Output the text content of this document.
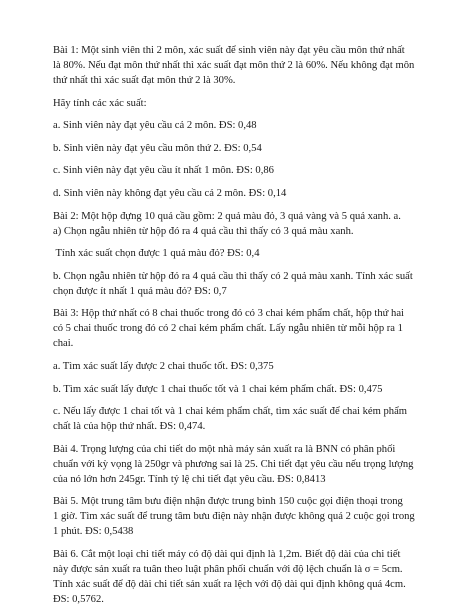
Bài 1: Một sinh viên thi 2 môn, xác suất để sinh viên này đạt yêu cầu môn thứ nhất
là 80%. Nếu đạt môn thứ nhất thì xác suất đạt môn thứ 2 là 60%. Nếu không đạt môn
thứ nhất thì xác suất đạt môn thứ 2 là 30%.

Hãy tính các xác suất:

a. Sinh viên này đạt yêu cầu cả 2 môn. ĐS: 0,48

b. Sinh viên này đạt yêu cầu môn thứ 2. ĐS: 0,54

c. Sinh viên này đạt yêu cầu ít nhất 1 môn. ĐS: 0,86

d. Sinh viên này không đạt yêu cầu cả 2 môn. ĐS: 0,14

Bài 2: Một hộp đựng 10 quả cầu gồm: 2 quả màu đỏ, 3 quả vàng và 5 quả xanh. a.
a) Chọn ngẫu nhiên từ hộp đó ra 4 quả cầu thì thấy có 3 quả màu xanh.

Tính xác suất chọn được 1 quả màu đỏ? ĐS: 0,4

b. Chọn ngẫu nhiên từ hộp đó ra 4 quả cầu thì thấy có 2 quả màu xanh. Tính xác suất
chọn được ít nhất 1 quả màu đỏ? ĐS: 0,7

Bài 3: Hộp thứ nhất có 8 chai thuốc trong đó có 3 chai kém phẩm chất, hộp thứ hai
có 5 chai thuốc trong đó có 2 chai kém phẩm chất. Lấy ngẫu nhiên từ mỗi hộp ra 1
chai.

a. Tìm xác suất lấy được 2 chai thuốc tốt. ĐS: 0,375

b. Tìm xác suất lấy được 1 chai thuốc tốt và 1 chai kém phẩm chất. ĐS: 0,475

c. Nếu lấy được 1 chai tốt và 1 chai kém phẩm chất, tìm xác suất để chai kém phẩm
chất là của hộp thứ nhất. ĐS: 0,474.

Bài 4. Trọng lượng của chi tiết do một nhà máy sản xuất ra là BNN có phân phối
chuẩn với kỳ vọng là 250gr và phương sai là 25. Chi tiết đạt yêu cầu nếu trọng lượng
của nó lớn hơn 245gr. Tính tỷ lệ chi tiết đạt yêu cầu. ĐS: 0,8413

Bài 5. Một trung tâm bưu điện nhận được trung bình 150 cuộc gọi điện thoại trong
1 giờ. Tìm xác suất để trung tâm bưu điện này nhận được không quá 2 cuộc gọi trong
1 phút. ĐS: 0,5438

Bài 6. Cắt một loại chi tiết máy có độ dài qui định là 1,2m. Biết độ dài của chi tiết
này được sản xuất ra tuân theo luật phân phối chuẩn với độ lệch chuẩn là σ = 5cm.
Tính xác suất để độ dài chi tiết sản xuất ra lệch với độ dài qui định không quá 4cm.
ĐS: 0,5762.
